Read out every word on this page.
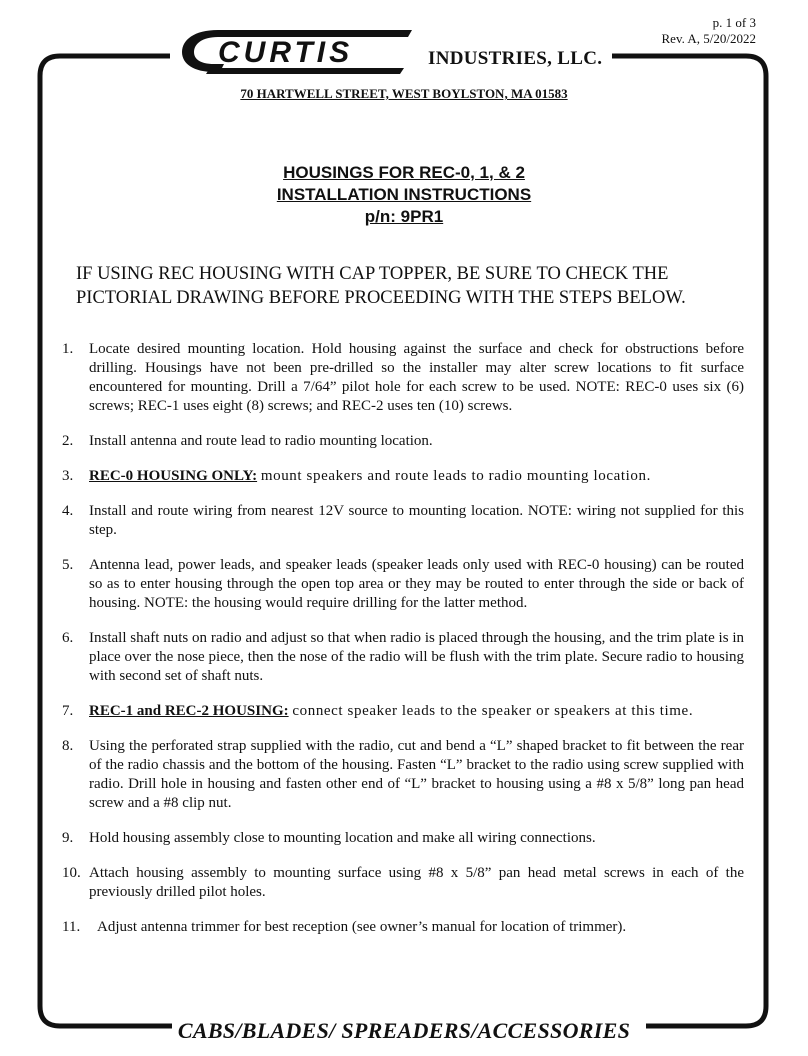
p. 1 of 3
Rev. A, 5/20/2022
CURTIS	INDUSTRIES, LLC.
70 HARTWELL STREET, WEST BOYLSTON, MA 01583
HOUSINGS FOR REC-0, 1, & 2
INSTALLATION INSTRUCTIONS
p/n: 9PR1
IF USING REC HOUSING WITH CAP TOPPER, BE SURE TO CHECK THE PICTORIAL DRAWING BEFORE PROCEEDING WITH THE STEPS BELOW.
1. Locate desired mounting location. Hold housing against the surface and check for obstructions before drilling. Housings have not been pre-drilled so the installer may alter screw locations to fit surface encountered for mounting. Drill a 7/64” pilot hole for each screw to be used. NOTE: REC-0 uses six (6) screws; REC-1 uses eight (8) screws; and REC-2 uses ten (10) screws.
2. Install antenna and route lead to radio mounting location.
3. REC-0 HOUSING ONLY: mount speakers and route leads to radio mounting location.
4. Install and route wiring from nearest 12V source to mounting location. NOTE: wiring not supplied for this step.
5. Antenna lead, power leads, and speaker leads (speaker leads only used with REC-0 housing) can be routed so as to enter housing through the open top area or they may be routed to enter through the side or back of housing. NOTE: the housing would require drilling for the latter method.
6. Install shaft nuts on radio and adjust so that when radio is placed through the housing, and the trim plate is in place over the nose piece, then the nose of the radio will be flush with the trim plate. Secure radio to housing with second set of shaft nuts.
7. REC-1 and REC-2 HOUSING: connect speaker leads to the speaker or speakers at this time.
8. Using the perforated strap supplied with the radio, cut and bend a “L” shaped bracket to fit between the rear of the radio chassis and the bottom of the housing. Fasten “L” bracket to the radio using screw supplied with radio. Drill hole in housing and fasten other end of “L” bracket to housing using a #8 x 5/8” long pan head screw and a #8 clip nut.
9. Hold housing assembly close to mounting location and make all wiring connections.
10. Attach housing assembly to mounting surface using #8 x 5/8” pan head metal screws in each of the previously drilled pilot holes.
11. Adjust antenna trimmer for best reception (see owner’s manual for location of trimmer).
CABS/BLADES/ SPREADERS/ACCESSORIES
